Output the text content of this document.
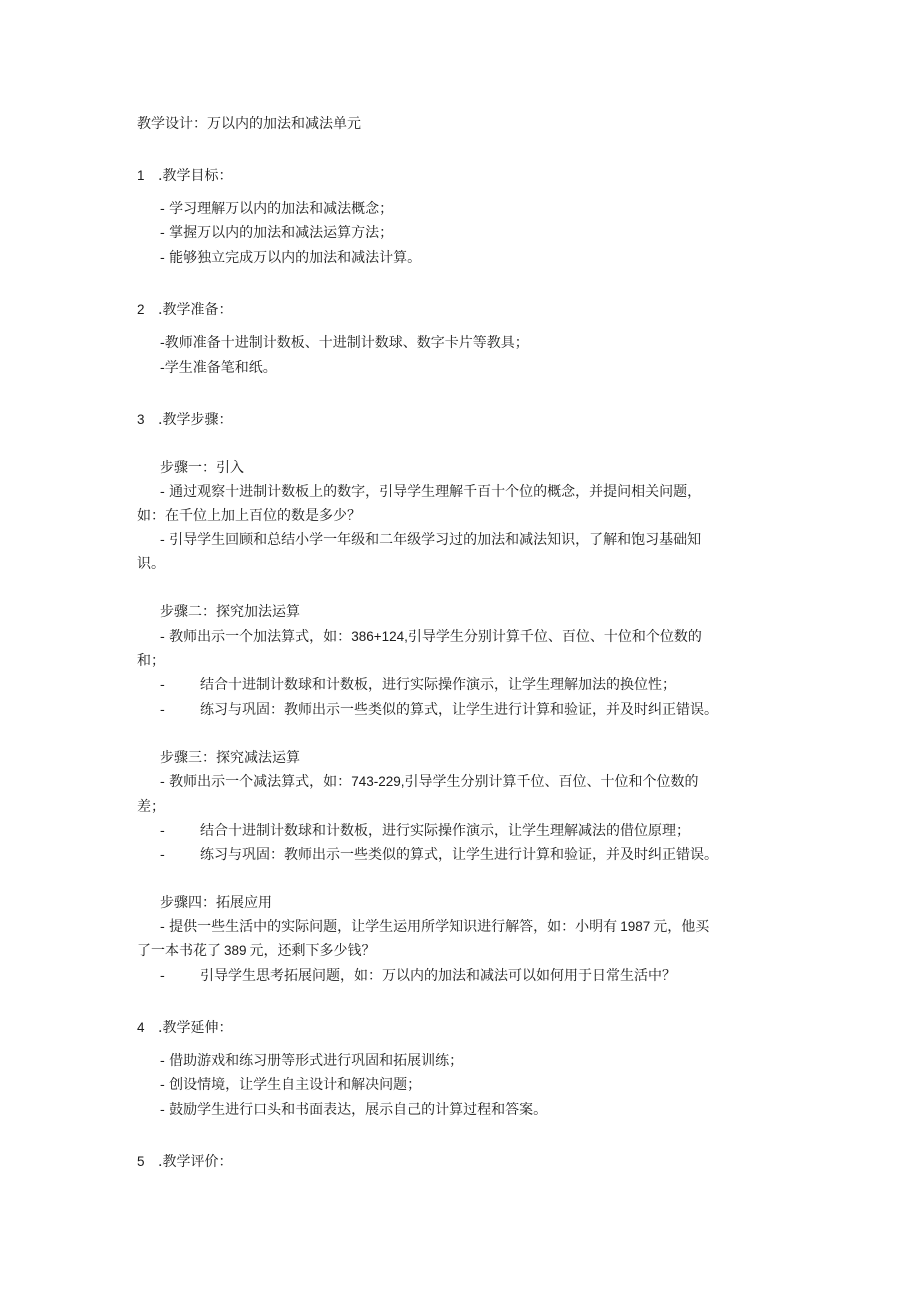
教学设计：万以内的加法和减法单元
1 .教学目标：
- 学习理解万以内的加法和减法概念；
- 掌握万以内的加法和减法运算方法；
- 能够独立完成万以内的加法和减法计算。
2 .教学准备：
-教师准备十进制计数板、十进制计数球、数字卡片等教具；
-学生准备笔和纸。
3 .教学步骤：
步骤一：引入
- 通过观察十进制计数板上的数字，引导学生理解千百十个位的概念，并提问相关问题，
如：在千位上加上百位的数是多少？
- 引导学生回顾和总结小学一年级和二年级学习过的加法和减法知识，了解和饱习基础知
识。
步骤二：探究加法运算
- 教师出示一个加法算式，如：386+124,引导学生分别计算千位、百位、十位和个位数的
和；
-	结合十进制计数球和计数板，进行实际操作演示，让学生理解加法的换位性；
-	练习与巩固：教师出示一些类似的算式，让学生进行计算和验证，并及时纠正错误。
步骤三：探究减法运算
- 教师出示一个减法算式，如：743-229,引导学生分别计算千位、百位、十位和个位数的
差；
-	结合十进制计数球和计数板，进行实际操作演示，让学生理解减法的借位原理；
-	练习与巩固：教师出示一些类似的算式，让学生进行计算和验证，并及时纠正错误。
步骤四：拓展应用
- 提供一些生活中的实际问题，让学生运用所学知识进行解答，如：小明有 1987 元，他买
了一本书花了 389 元，还剩下多少钱？
-	引导学生思考拓展问题，如：万以内的加法和减法可以如何用于日常生活中？
4 .教学延伸：
- 借助游戏和练习册等形式进行巩固和拓展训练；
- 创设情境，让学生自主设计和解决问题；
- 鼓励学生进行口头和书面表达，展示自己的计算过程和答案。
5 .教学评价：
